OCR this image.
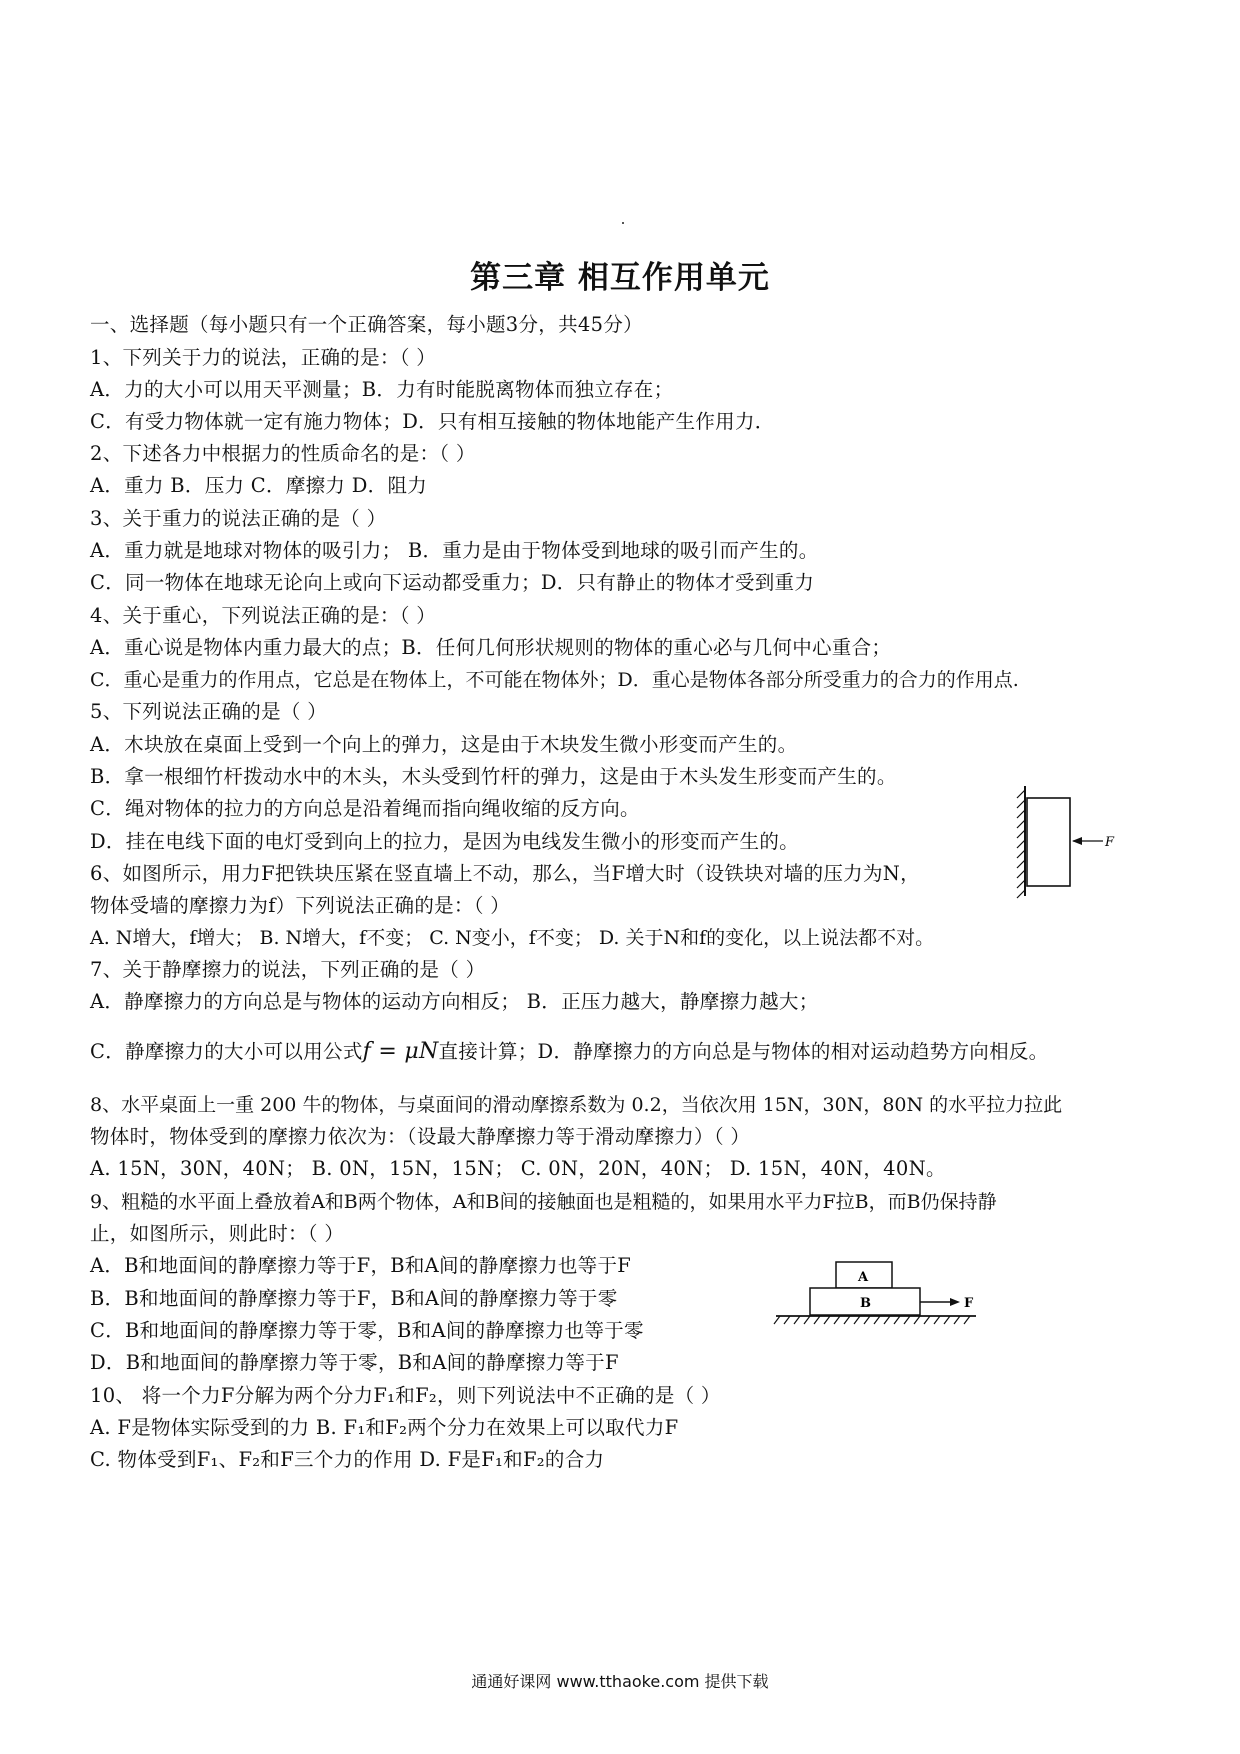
第三章 相互作用单元
一、选择题（每小题只有一个正确答案，每小题3分，共45分）
1、下列关于力的说法，正确的是：（ ）
A．力的大小可以用天平测量；B．力有时能脱离物体而独立存在；
C．有受力物体就一定有施力物体；D．只有相互接触的物体地能产生作用力．
2、下述各力中根据力的性质命名的是：（ ）
A．重力 B．压力 C．摩擦力 D．阻力
3、关于重力的说法正确的是（ ）
A．重力就是地球对物体的吸引力； B．重力是由于物体受到地球的吸引而产生的。
C．同一物体在地球无论向上或向下运动都受重力；D．只有静止的物体才受到重力
4、关于重心，下列说法正确的是：（ ）
A．重心说是物体内重力最大的点；B．任何几何形状规则的物体的重心必与几何中心重合；
C．重心是重力的作用点，它总是在物体上，不可能在物体外；D．重心是物体各部分所受重力的合力的作用点.
5、下列说法正确的是（ ）
A．木块放在桌面上受到一个向上的弹力，这是由于木块发生微小形变而产生的。
B．拿一根细竹杆拨动水中的木头，木头受到竹杆的弹力，这是由于木头发生形变而产生的。
C．绳对物体的拉力的方向总是沿着绳而指向绳收缩的反方向。
D．挂在电线下面的电灯受到向上的拉力，是因为电线发生微小的形变而产生的。	F
6、如图所示，用力F把铁块压紧在竖直墙上不动，那么，当F增大时（设铁块对墙的压力为N，
物体受墙的摩擦力为f）下列说法正确的是：（ ）
A. N增大，f增大； B. N增大，f不变； C. N变小，f不变； D. 关于N和f的变化，以上说法都不对。
7、关于静摩擦力的说法，下列正确的是（ ）
A．静摩擦力的方向总是与物体的运动方向相反； B．正压力越大，静摩擦力越大；
C．静摩擦力的大小可以用公式f = μN直接计算；D．静摩擦力的方向总是与物体的相对运动趋势方向相反。
8、水平桌面上一重 200 牛的物体，与桌面间的滑动摩擦系数为 0.2，当依次用 15N，30N，80N 的水平拉力拉此
物体时，物体受到的摩擦力依次为：（设最大静摩擦力等于滑动摩擦力）（ ）
A. 15N，30N，40N； B. 0N，15N，15N； C. 0N，20N，40N； D. 15N，40N，40N。
9、粗糙的水平面上叠放着A和B两个物体，A和B间的接触面也是粗糙的，如果用水平力F拉B，而B仍保持静
止，如图所示，则此时：（ ）
A．B和地面间的静摩擦力等于F，B和A间的静摩擦力也等于F
B．B和地面间的静摩擦力等于F，B和A间的静摩擦力等于零
C．B和地面间的静摩擦力等于零，B和A间的静摩擦力也等于零
D．B和地面间的静摩擦力等于零，B和A间的静摩擦力等于F
A
B	F
10、 将一个力F分解为两个分力F₁和F₂，则下列说法中不正确的是（ ）
A. F是物体实际受到的力 B. F₁和F₂两个分力在效果上可以取代力F
C. 物体受到F₁、F₂和F三个力的作用 D. F是F₁和F₂的合力
通通好课网 www.tthaoke.com 提供下载
